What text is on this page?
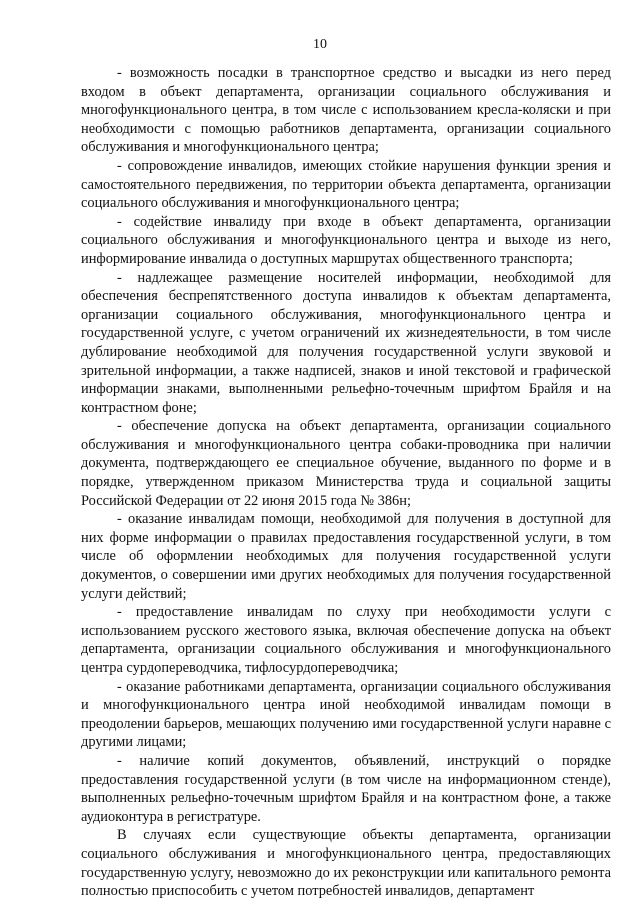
10

- возможность посадки в транспортное средство и высадки из него перед входом в объект департамента, организации социального обслуживания и многофункционального центра, в том числе с использованием кресла-коляски и при необходимости с помощью работников департамента, организации социального обслуживания и многофункционального центра;

- сопровождение инвалидов, имеющих стойкие нарушения функции зрения и самостоятельного передвижения, по территории объекта департамента, организации социального обслуживания и многофункционального центра;

- содействие инвалиду при входе в объект департамента, организации социального обслуживания и многофункционального центра и выходе из него, информирование инвалида о доступных маршрутах общественного транспорта;

- надлежащее размещение носителей информации, необходимой для обеспечения беспрепятственного доступа инвалидов к объектам департамента, организации социального обслуживания, многофункционального центра и государственной услуге, с учетом ограничений их жизнедеятельности, в том числе дублирование необходимой для получения государственной услуги звуковой и зрительной информации, а также надписей, знаков и иной текстовой и графической информации знаками, выполненными рельефно-точечным шрифтом Брайля и на контрастном фоне;

- обеспечение допуска на объект департамента, организации социального обслуживания и многофункционального центра собаки-проводника при наличии документа, подтверждающего ее специальное обучение, выданного по форме и в порядке, утвержденном приказом Министерства труда и социальной защиты Российской Федерации от 22 июня 2015 года № 386н;

- оказание инвалидам помощи, необходимой для получения в доступной для них форме информации о правилах предоставления государственной услуги, в том числе об оформлении необходимых для получения государственной услуги документов, о совершении ими других необходимых для получения государственной услуги действий;

- предоставление инвалидам по слуху при необходимости услуги с использованием русского жестового языка, включая обеспечение допуска на объект департамента, организации социального обслуживания и многофункционального центра сурдопереводчика, тифлосурдопереводчика;

- оказание работниками департамента, организации социального обслуживания и многофункционального центра иной необходимой инвалидам помощи в преодолении барьеров, мешающих получению ими государственной услуги наравне с другими лицами;

- наличие копий документов, объявлений, инструкций о порядке предоставления государственной услуги (в том числе на информационном стенде), выполненных рельефно-точечным шрифтом Брайля и на контрастном фоне, а также аудиоконтура в регистратуре.

В случаях если существующие объекты департамента, организации социального обслуживания и многофункционального центра, предоставляющих государственную услугу, невозможно до их реконструкции или капитального ремонта полностью приспособить с учетом потребностей инвалидов, департамент
